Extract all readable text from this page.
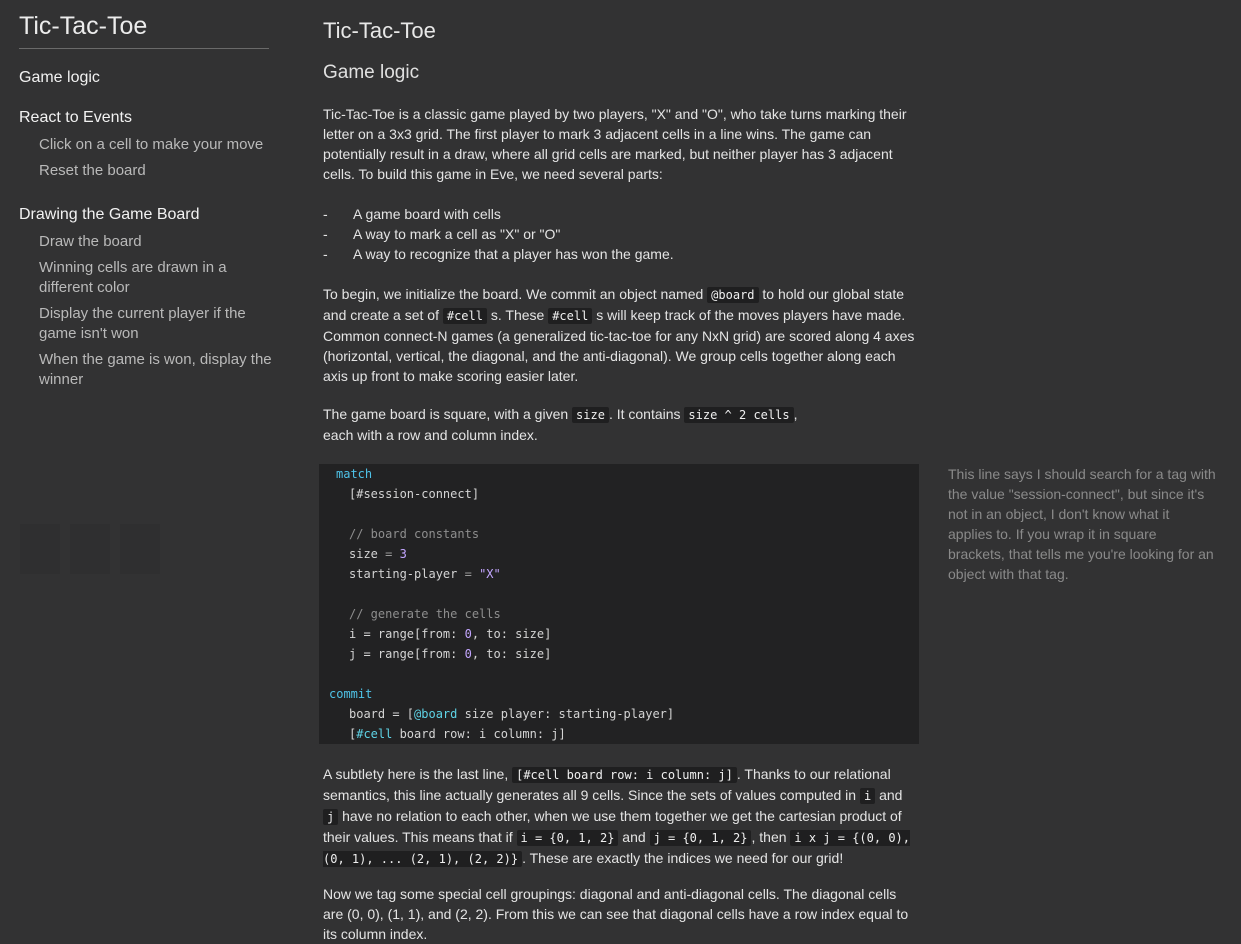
Tic-Tac-Toe
Game logic
React to Events
Click on a cell to make your move
Reset the board
Drawing the Game Board
Draw the board
Winning cells are drawn in a different color
Display the current player if the game isn't won
When the game is won, display the winner
Tic-Tac-Toe
Game logic
Tic-Tac-Toe is a classic game played by two players, "X" and "O", who take turns marking their letter on a 3x3 grid. The first player to mark 3 adjacent cells in a line wins. The game can potentially result in a draw, where all grid cells are marked, but neither player has 3 adjacent cells. To build this game in Eve, we need several parts:
- A game board with cells
- A way to mark a cell as "X" or "O"
- A way to recognize that a player has won the game.
To begin, we initialize the board. We commit an object named @board to hold our global state and create a set of #cell s. These #cell s will keep track of the moves players have made. Common connect-N games (a generalized tic-tac-toe for any NxN grid) are scored along 4 axes (horizontal, vertical, the diagonal, and the anti-diagonal). We group cells together along each axis up front to make scoring easier later.
The game board is square, with a given size . It contains size ^ 2 cells ,
each with a row and column index.
match
[#session-connect]
// board constants
size = 3
starting-player = "X"
// generate the cells
i = range[from: 0, to: size]
j = range[from: 0, to: size]
commit
board = [@board size player: starting-player]
[#cell board row: i column: j]
This line says I should search for a tag with the value "session-connect", but since it's not in an object, I don't know what it applies to. If you wrap it in square brackets, that tells me you're looking for an object with that tag.
A subtlety here is the last line, [#cell board row: i column: j] . Thanks to our relational semantics, this line actually generates all 9 cells. Since the sets of values computed in i and j have no relation to each other, when we use them together we get the cartesian product of their values. This means that if i = {0, 1, 2} and j = {0, 1, 2} , then i x j = {(0, 0), (0, 1), ... (2, 1), (2, 2)} . These are exactly the indices we need for our grid!
Now we tag some special cell groupings: diagonal and anti-diagonal cells. The diagonal cells are (0, 0), (1, 1), and (2, 2). From this we can see that diagonal cells have a row index equal to its column index.
